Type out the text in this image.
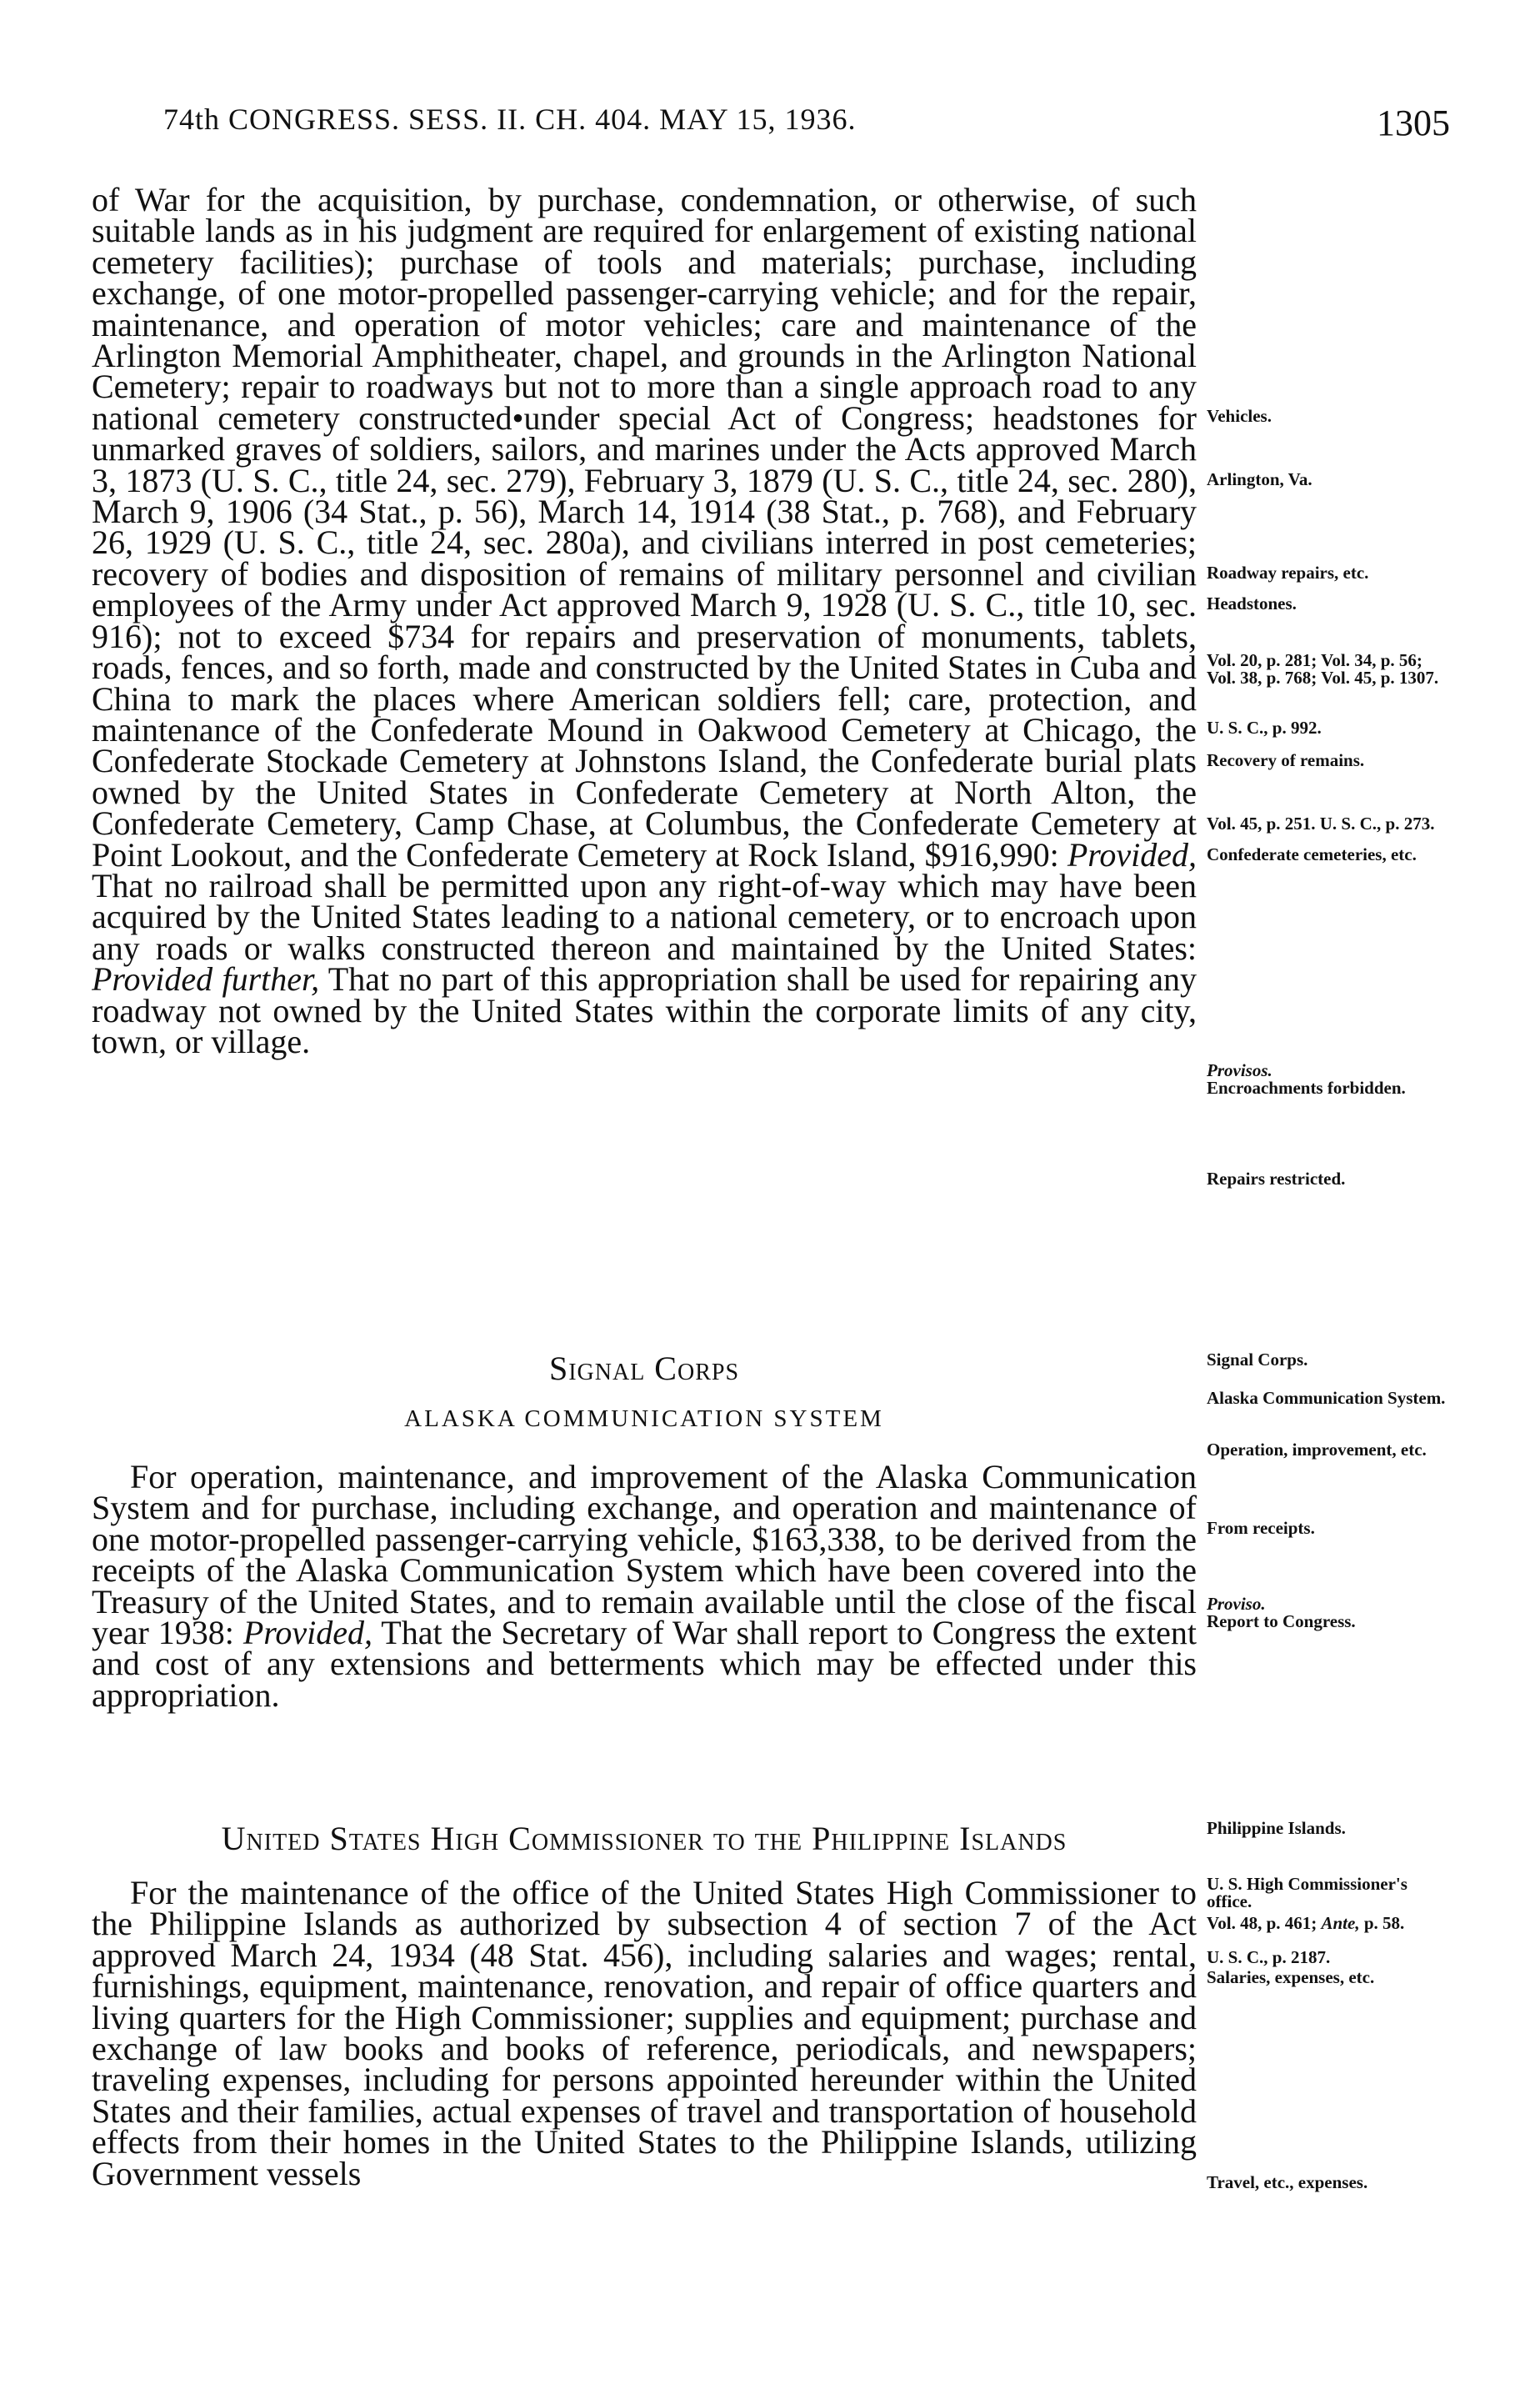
74th CONGRESS. SESS. II. CH. 404. MAY 15, 1936.	1305

of War for the acquisition, by purchase, condemnation, or otherwise, of such suitable lands as in his judgment are required for enlargement of existing national cemetery facilities); purchase of tools and materials; purchase, including exchange, of one motor-propelled passenger-carrying vehicle; and for the repair, maintenance, and operation of motor vehicles; care and maintenance of the Arlington Memorial Amphitheater, chapel, and grounds in the Arlington National Cemetery; repair to roadways but not to more than a single approach road to any national cemetery constructed•under special Act of Congress; headstones for unmarked graves of soldiers, sailors, and marines under the Acts approved March 3, 1873 (U. S. C., title 24, sec. 279), February 3, 1879 (U. S. C., title 24, sec. 280), March 9, 1906 (34 Stat., p. 56), March 14, 1914 (38 Stat., p. 768), and February 26, 1929 (U. S. C., title 24, sec. 280a), and civilians interred in post cemeteries; recovery of bodies and disposition of remains of military personnel and civilian employees of the Army under Act approved March 9, 1928 (U. S. C., title 10, sec. 916); not to exceed $734 for repairs and preservation of monuments, tablets, roads, fences, and so forth, made and constructed by the United States in Cuba and China to mark the places where American soldiers fell; care, protection, and maintenance of the Confederate Mound in Oakwood Cemetery at Chicago, the Confederate Stockade Cemetery at Johnstons Island, the Confederate burial plats owned by the United States in Confederate Cemetery at North Alton, the Confederate Cemetery, Camp Chase, at Columbus, the Confederate Cemetery at Point Lookout, and the Confederate Cemetery at Rock Island, $916,990: Provided, That no railroad shall be permitted upon any right-of-way which may have been acquired by the United States leading to a national cemetery, or to encroach upon any roads or walks constructed thereon and maintained by the United States: Provided further, That no part of this appropriation shall be used for repairing any roadway not owned by the United States within the corporate limits of any city, town, or village.

Signal Corps
ALASKA COMMUNICATION SYSTEM

For operation, maintenance, and improvement of the Alaska Communication System and for purchase, including exchange, and operation and maintenance of one motor-propelled passenger-carrying vehicle, $163,338, to be derived from the receipts of the Alaska Communication System which have been covered into the Treasury of the United States, and to remain available until the close of the fiscal year 1938: Provided, That the Secretary of War shall report to Congress the extent and cost of any extensions and betterments which may be effected under this appropriation.

United States High Commissioner to the Philippine Islands

For the maintenance of the office of the United States High Commissioner to the Philippine Islands as authorized by subsection 4 of section 7 of the Act approved March 24, 1934 (48 Stat. 456), including salaries and wages; rental, furnishings, equipment, maintenance, renovation, and repair of office quarters and living quarters for the High Commissioner; supplies and equipment; purchase and exchange of law books and books of reference, periodicals, and newspapers; traveling expenses, including for persons appointed hereunder within the United States and their families, actual expenses of travel and transportation of household effects from their homes in the United States to the Philippine Islands, utilizing Government vessels

Vehicles.

Arlington, Va.

Roadway repairs, etc.

Headstones.

Vol. 20, p. 281; Vol. 34, p. 56; Vol. 38, p. 768; Vol. 45, p. 1307.

U. S. C., p. 992.

Recovery of remains.

Vol. 45, p. 251. U. S. C., p. 273.

Confederate cemeteries, etc.

Provisos.

Encroachments forbidden.

Repairs restricted.

Signal Corps.

Alaska Communication System.

Operation, improvement, etc.

From receipts.

Proviso.

Report to Congress.

Philippine Islands.

U. S. High Commissioner's office.

Vol. 48, p. 461; Ante, p. 58.

U. S. C., p. 2187.

Salaries, expenses, etc.

Travel, etc., expenses.
